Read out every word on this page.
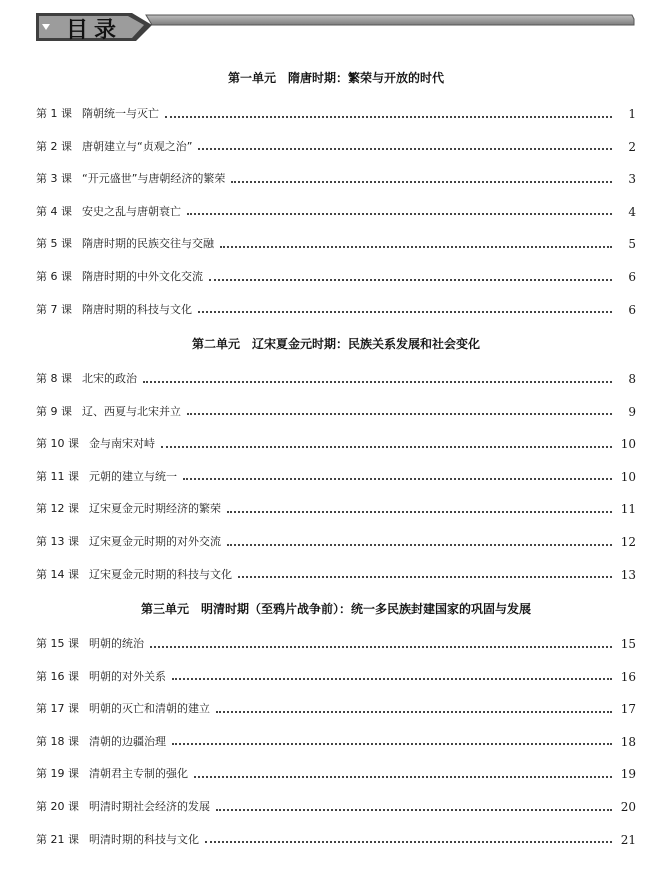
目录
第一单元　隋唐时期：繁荣与开放的时代
第 1 课 隋朝统一与灭亡	1
第 2 课 唐朝建立与“贞观之治”	2
第 3 课 “开元盛世”与唐朝经济的繁荣	3
第 4 课 安史之乱与唐朝衰亡	4
第 5 课 隋唐时期的民族交往与交融	5
第 6 课 隋唐时期的中外文化交流	6
第 7 课 隋唐时期的科技与文化	6
第二单元　辽宋夏金元时期：民族关系发展和社会变化
第 8 课 北宋的政治	8
第 9 课 辽、西夏与北宋并立	9
第 10 课 金与南宋对峙	10
第 11 课 元朝的建立与统一	10
第 12 课 辽宋夏金元时期经济的繁荣	11
第 13 课 辽宋夏金元时期的对外交流	12
第 14 课 辽宋夏金元时期的科技与文化	13
第三单元　明清时期（至鸦片战争前）：统一多民族封建国家的巩固与发展
第 15 课 明朝的统治	15
第 16 课 明朝的对外关系	16
第 17 课 明朝的灭亡和清朝的建立	17
第 18 课 清朝的边疆治理	18
第 19 课 清朝君主专制的强化	19
第 20 课 明清时期社会经济的发展	20
第 21 课 明清时期的科技与文化	21
